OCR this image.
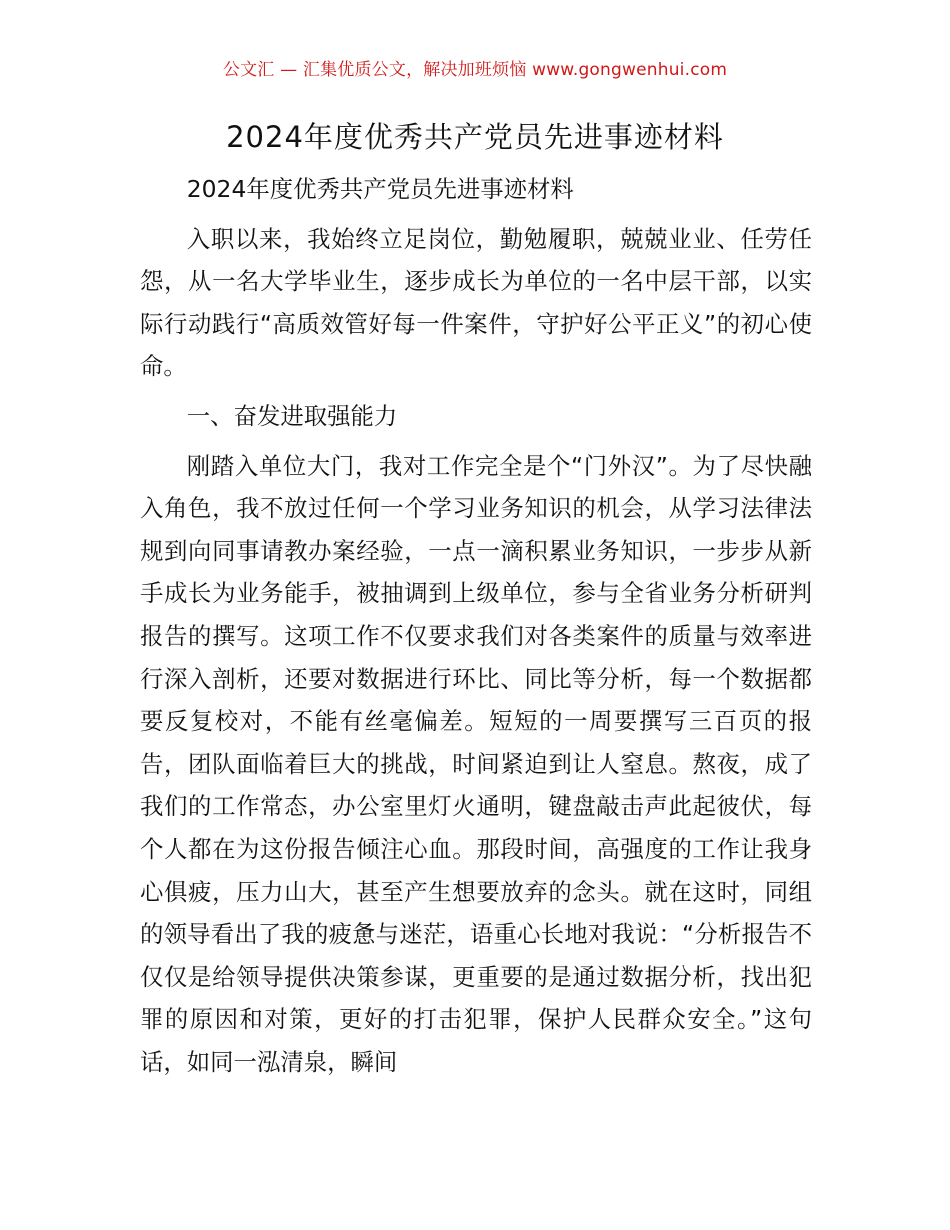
公文汇 — 汇集优质公文，解决加班烦恼 www.gongwenhui.com
2024年度优秀共产党员先进事迹材料

2024年度优秀共产党员先进事迹材料

入职以来，我始终立足岗位，勤勉履职，兢兢业业、任劳任怨，从一名大学毕业生，逐步成长为单位的一名中层干部，以实际行动践行“高质效管好每一件案件，守护好公平正义”的初心使命。

一、奋发进取强能力

刚踏入单位大门，我对工作完全是个“门外汉”。为了尽快融入角色，我不放过任何一个学习业务知识的机会，从学习法律法规到向同事请教办案经验，一点一滴积累业务知识，一步步从新手成长为业务能手，被抽调到上级单位，参与全省业务分析研判报告的撰写。这项工作不仅要求我们对各类案件的质量与效率进行深入剖析，还要对数据进行环比、同比等分析，每一个数据都要反复校对，不能有丝毫偏差。短短的一周要撰写三百页的报告，团队面临着巨大的挑战，时间紧迫到让人窒息。熬夜，成了我们的工作常态，办公室里灯火通明，键盘敲击声此起彼伏，每个人都在为这份报告倾注心血。那段时间，高强度的工作让我身心俱疲，压力山大，甚至产生想要放弃的念头。就在这时，同组的领导看出了我的疲惫与迷茫，语重心长地对我说：“分析报告不仅仅是给领导提供决策参谋，更重要的是通过数据分析，找出犯罪的原因和对策，更好的打击犯罪，保护人民群众安全。”这句话，如同一泓清泉，瞬间
